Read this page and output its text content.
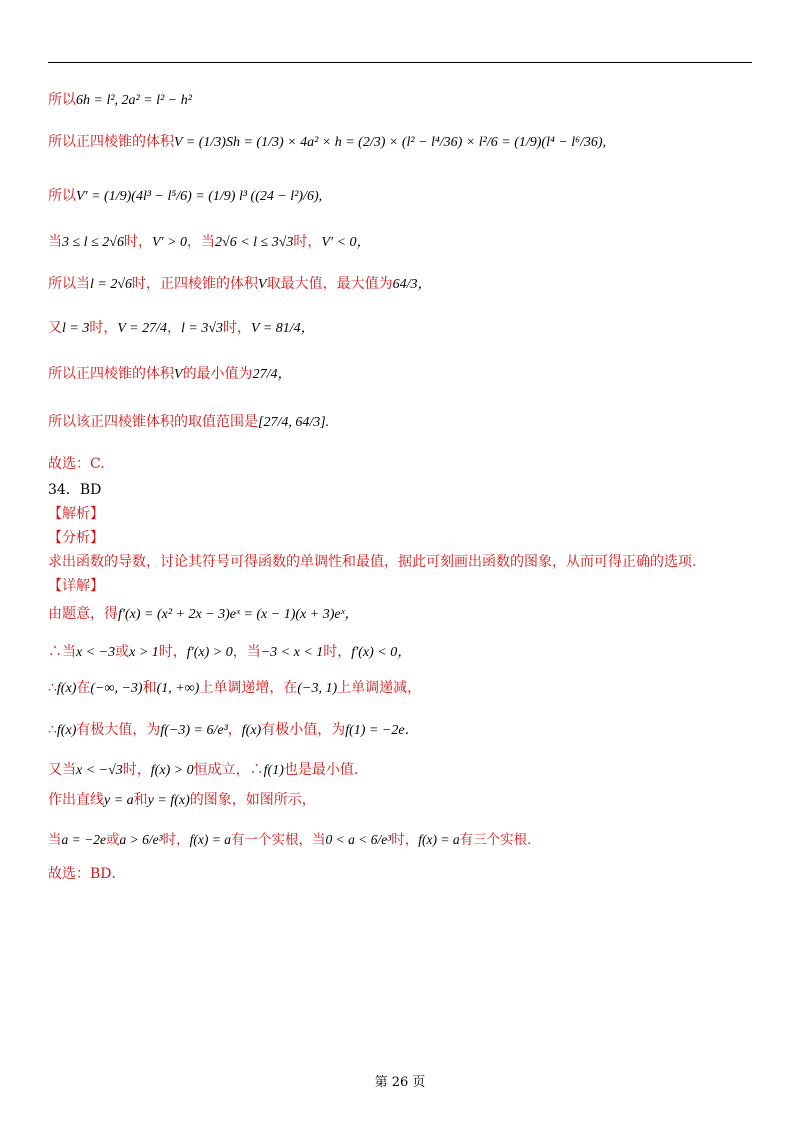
所以6h = l², 2a² = l² − h²
所以正四棱锥的体积V = (1/3)Sh = (1/3) × 4a² × h = (2/3) × (l² − l⁴/36) × l²/6 = (1/9)(l⁴ − l⁶/36),
所以V′ = (1/9)(4l³ − l⁵/6) = (1/9) l³ ((24 − l²)/6),
当3 ≤ l ≤ 2√6时，V′ > 0，当2√6 < l ≤ 3√3时，V′ < 0，
所以当l = 2√6时，正四棱锥的体积V取最大值，最大值为64/3，
又l = 3时，V = 27/4，l = 3√3时，V = 81/4，
所以正四棱锥的体积V的最小值为27/4，
所以该正四棱锥体积的取值范围是[27/4, 64/3].
故选：C.
34．BD
【解析】
【分析】
求出函数的导数，讨论其符号可得函数的单调性和最值，据此可刻画出函数的图象，从而可得正确的选项.
【详解】
由题意，得f′(x) = (x² + 2x − 3)eˣ = (x − 1)(x + 3)eˣ，
∴当x < −3或x > 1时，f′(x) > 0，当−3 < x < 1时，f′(x) < 0，
∴f(x)在(−∞, −3)和(1, +∞)上单调递增，在(−3, 1)上单调递减，
∴f(x)有极大值，为f(−3) = 6/e³，f(x)有极小值，为f(1) = −2e．
又当x < −√3时，f(x) > 0恒成立，∴f(1)也是最小值．
作出直线y = a和y = f(x)的图象，如图所示，
当a = −2e或a > 6/e³时，f(x) = a有一个实根，当0 < a < 6/e³时，f(x) = a有三个实根．
故选：BD．
第 26 页
